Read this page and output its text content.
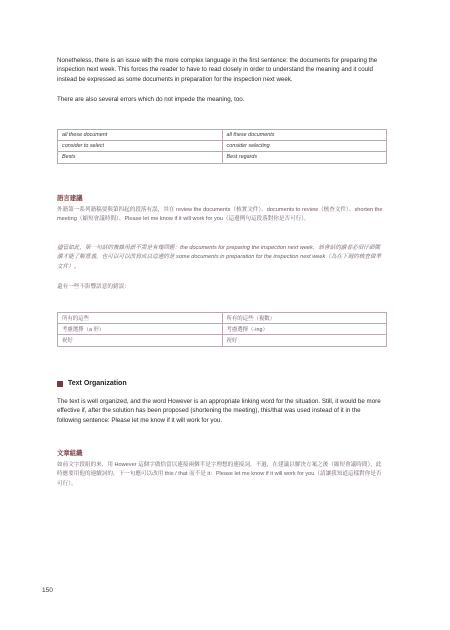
Nonetheless, there is an issue with the more complex language in the first sentence: the documents for preparing the inspection next week. This forces the reader to have to read closely in order to understand the meaning and it could instead be expressed as some documents in preparation for the inspection next week.

There are also several errors which do not impede the meaning, too.

all these document	all these documents
consider to select	consider selecting
Bests	Best regards

語言建議

外籍第一系列籍稿要與第四起的段落有誤，其在 review the documents（核實文件）、documents to review（核查文件）、shorten the meeting（縮短會議時間）、Please let me know if it will work for you（這邊例句這段落對你是否可行）。

儘管如此，第一句話的複雜用語不需是有幾問題：the documents for preparing the inspection next week，該會話的讀者必須仔細閱讀才能了解意義，也可以可以改寫成以這邊的是 some documents in preparation for the inspection next week（為在下週的核查做準文件）。

還有一些不影響語意的錯誤：

所有的這些	所有的這些（複數）
考慮選擇（a 形）	考慮選擇（-ing）
祝好	祝好
Text Organization

The text is well organized, and the word However is an appropriate linking word for the situation. Still, it would be more effective if, after the solution has been proposed (shortening the meeting), this/that was used instead of it in the following sentence: Please let me know if it will work for you.

文章組織

如前文字段組的來，用 However 這個字做恰當以連接兩個半是字理想的連接詞，不過，在建議以解決方案之後（縮短會議時間），此時應要用他的連續詞的，下一句應可以改用 this / that 而不是 it：Please let me know if it will work for you（請讓我知道這樣對你是否可行）。

150
